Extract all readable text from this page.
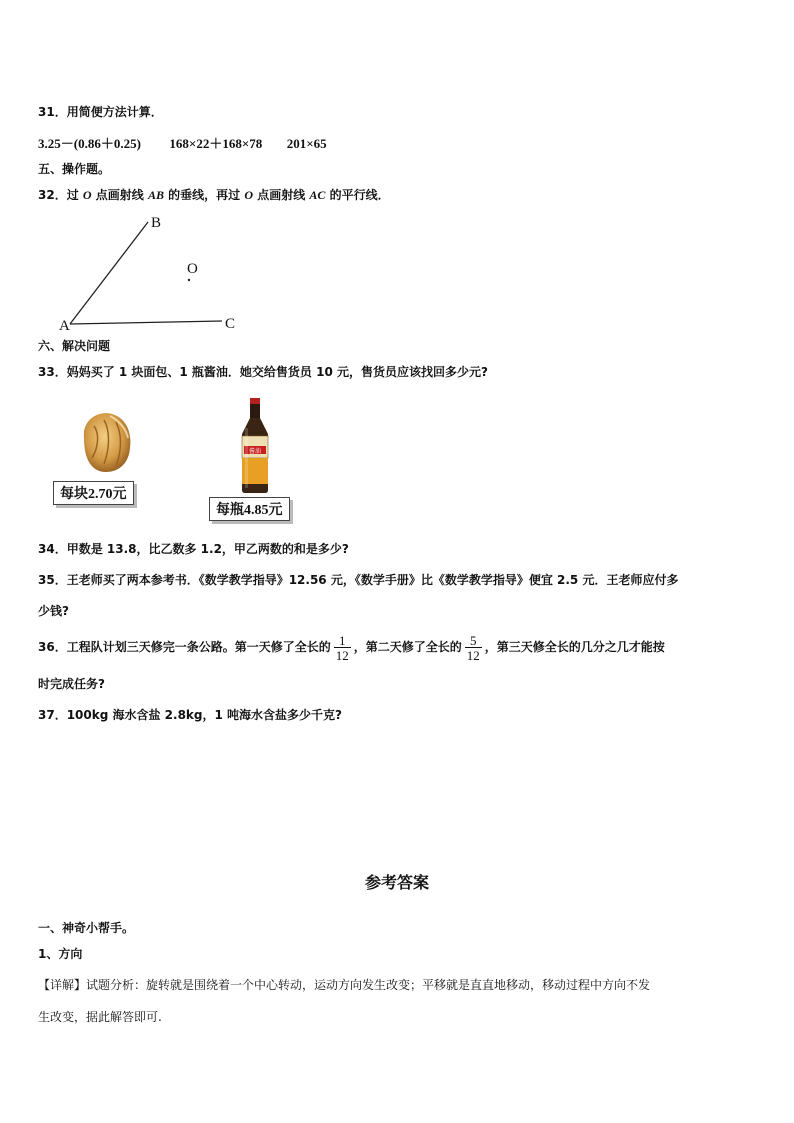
31．用简便方法计算．
3.25－(0.86＋0.25) 168×22＋168×78 201×65
五、操作题。
32．过 O 点画射线 AB 的垂线，再过 O 点画射线 AC 的平行线．
B
O
A	C
六、解决问题
33．妈妈买了 1 块面包、1 瓶酱油．她交给售货员 10 元，售货员应该找回多少元?
每块2.70元
酱油
每瓶4.85元
34．甲数是 13.8，比乙数多 1.2，甲乙两数的和是多少?
35．王老师买了两本参考书．《数学教学指导》12.56 元，《数学手册》比《数学教学指导》便宜 2.5 元．王老师应付多
少钱?
36．工程队计划三天修完一条公路。第一天修了全长的 $\frac{1}{12}$ ，第二天修了全长的 $\frac{5}{12}$ ，第三天修全长的几分之几才能按
时完成任务?
37．100kg 海水含盐 2.8kg，1 吨海水含盐多少千克?
参考答案
一、神奇小帮手。
1、方向
【详解】试题分析：旋转就是围绕着一个中心转动，运动方向发生改变；平移就是直直地移动，移动过程中方向不发
生改变，据此解答即可.
